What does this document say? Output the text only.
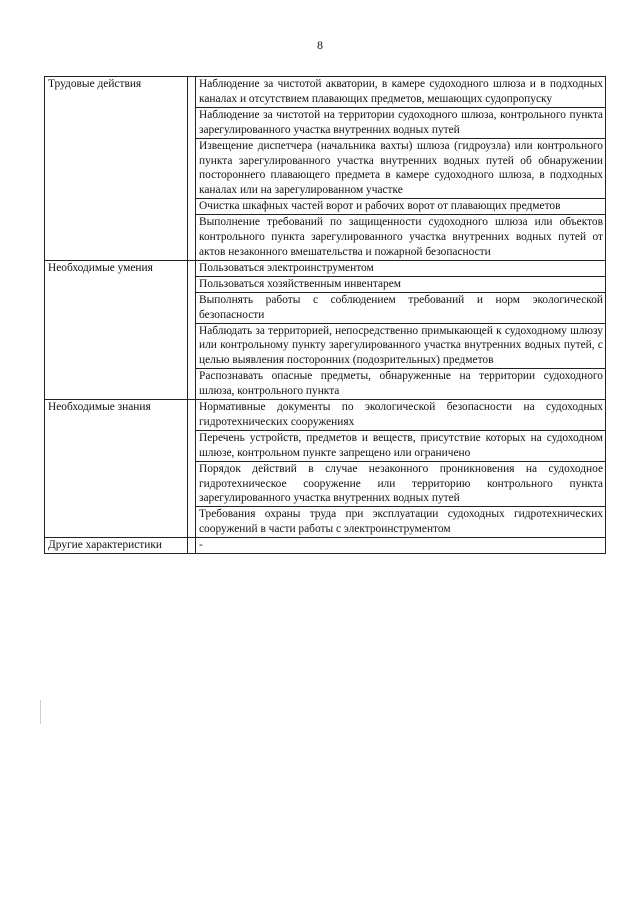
8
Трудовые действия		Наблюдение за чистотой акватории, в камере судоходного шлюза и в подходных каналах и отсутствием плавающих предметов, мешающих судопропуску
		Наблюдение за чистотой на территории судоходного шлюза, контрольного пункта зарегулированного участка внутренних водных путей
		Извещение диспетчера (начальника вахты) шлюза (гидроузла) или контрольного пункта зарегулированного участка внутренних водных путей об обнаружении постороннего плавающего предмета в камере судоходного шлюза, в подходных каналах или на зарегулированном участке
		Очистка шкафных частей ворот и рабочих ворот от плавающих предметов
		Выполнение требований по защищенности судоходного шлюза или объектов контрольного пункта зарегулированного участка внутренних водных путей от актов незаконного вмешательства и пожарной безопасности
Необходимые умения		Пользоваться электроинструментом
		Пользоваться хозяйственным инвентарем
		Выполнять работы с соблюдением требований и норм экологической безопасности
		Наблюдать за территорией, непосредственно примыкающей к судоходному шлюзу или контрольному пункту зарегулированного участка внутренних водных путей, с целью выявления посторонних (подозрительных) предметов
		Распознавать опасные предметы, обнаруженные на территории судоходного шлюза, контрольного пункта
Необходимые знания		Нормативные документы по экологической безопасности на судоходных гидротехнических сооружениях
		Перечень устройств, предметов и веществ, присутствие которых на судоходном шлюзе, контрольном пункте запрещено или ограничено
		Порядок действий в случае незаконного проникновения на судоходное гидротехническое сооружение или территорию контрольного пункта зарегулированного участка внутренних водных путей
		Требования охраны труда при эксплуатации судоходных гидротехнических сооружений в части работы с электроинструментом
Другие характеристики		-
